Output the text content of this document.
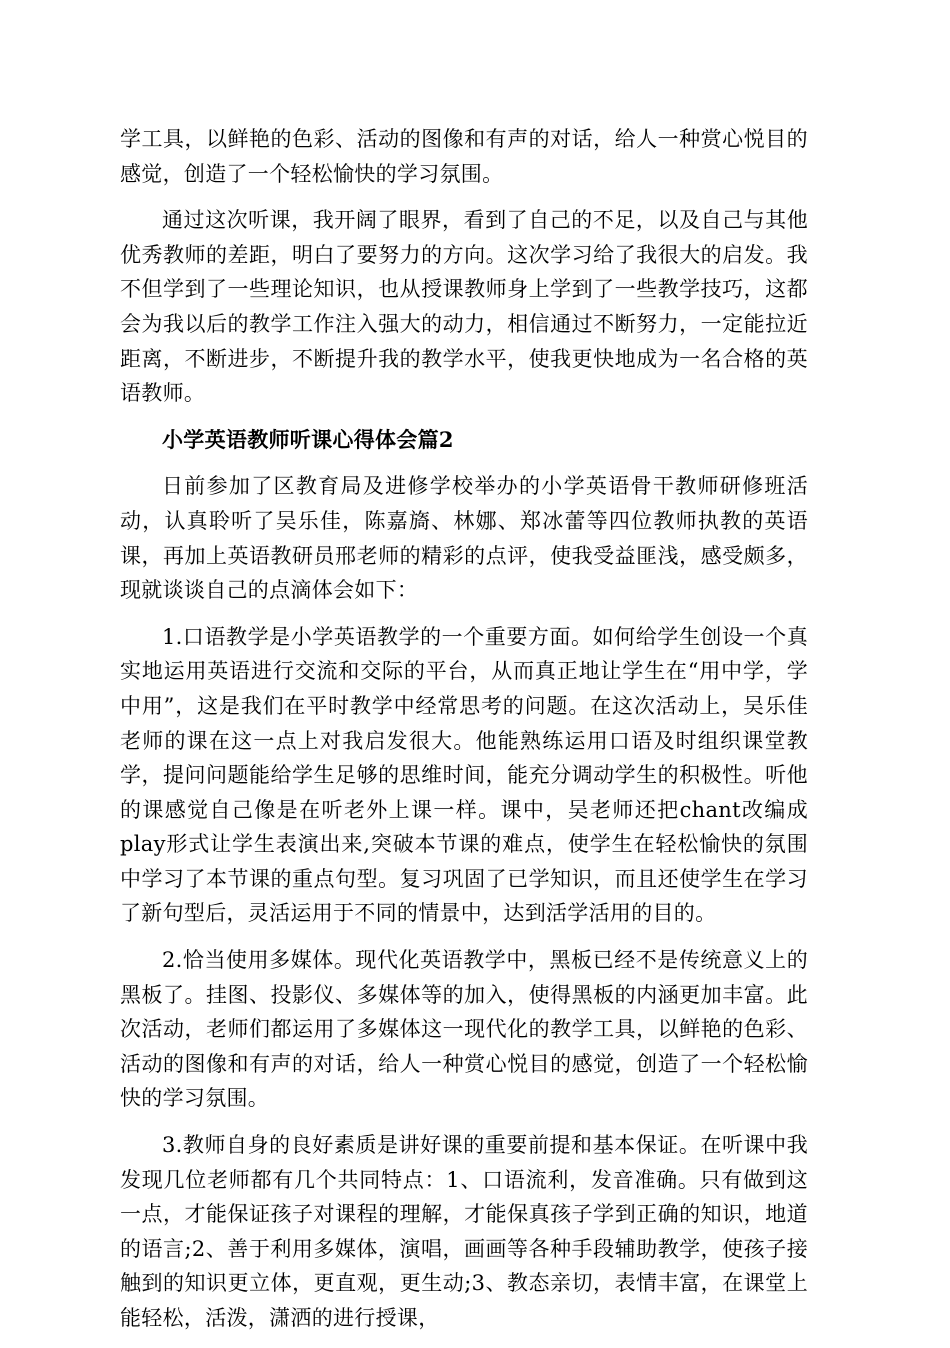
学工具，以鲜艳的色彩、活动的图像和有声的对话，给人一种赏心悦目的感觉，创造了一个轻松愉快的学习氛围。

通过这次听课，我开阔了眼界，看到了自己的不足，以及自己与其他优秀教师的差距，明白了要努力的方向。这次学习给了我很大的启发。我不但学到了一些理论知识，也从授课教师身上学到了一些教学技巧，这都会为我以后的教学工作注入强大的动力，相信通过不断努力，一定能拉近距离，不断进步，不断提升我的教学水平，使我更快地成为一名合格的英语教师。

小学英语教师听课心得体会篇2

日前参加了区教育局及进修学校举办的小学英语骨干教师研修班活动，认真聆听了吴乐佳，陈嘉旖、林娜、郑冰蕾等四位教师执教的英语课，再加上英语教研员邢老师的精彩的点评，使我受益匪浅，感受颇多，现就谈谈自己的点滴体会如下：

1.口语教学是小学英语教学的一个重要方面。如何给学生创设一个真实地运用英语进行交流和交际的平台，从而真正地让学生在“用中学，学中用”，这是我们在平时教学中经常思考的问题。在这次活动上，吴乐佳老师的课在这一点上对我启发很大。他能熟练运用口语及时组织课堂教学，提问问题能给学生足够的思维时间，能充分调动学生的积极性。听他的课感觉自己像是在听老外上课一样。课中，吴老师还把chant改编成play形式让学生表演出来,突破本节课的难点，使学生在轻松愉快的氛围中学习了本节课的重点句型。复习巩固了已学知识，而且还使学生在学习了新句型后，灵活运用于不同的情景中，达到活学活用的目的。

2.恰当使用多媒体。现代化英语教学中，黑板已经不是传统意义上的黑板了。挂图、投影仪、多媒体等的加入，使得黑板的内涵更加丰富。此次活动，老师们都运用了多媒体这一现代化的教学工具，以鲜艳的色彩、活动的图像和有声的对话，给人一种赏心悦目的感觉，创造了一个轻松愉快的学习氛围。

3.教师自身的良好素质是讲好课的重要前提和基本保证。在听课中我发现几位老师都有几个共同特点：1、口语流利，发音准确。只有做到这一点，才能保证孩子对课程的理解，才能保真孩子学到正确的知识，地道的语言;2、善于利用多媒体，演唱，画画等各种手段辅助教学，使孩子接触到的知识更立体，更直观，更生动;3、教态亲切，表情丰富，在课堂上能轻松，活泼，潇洒的进行授课，
